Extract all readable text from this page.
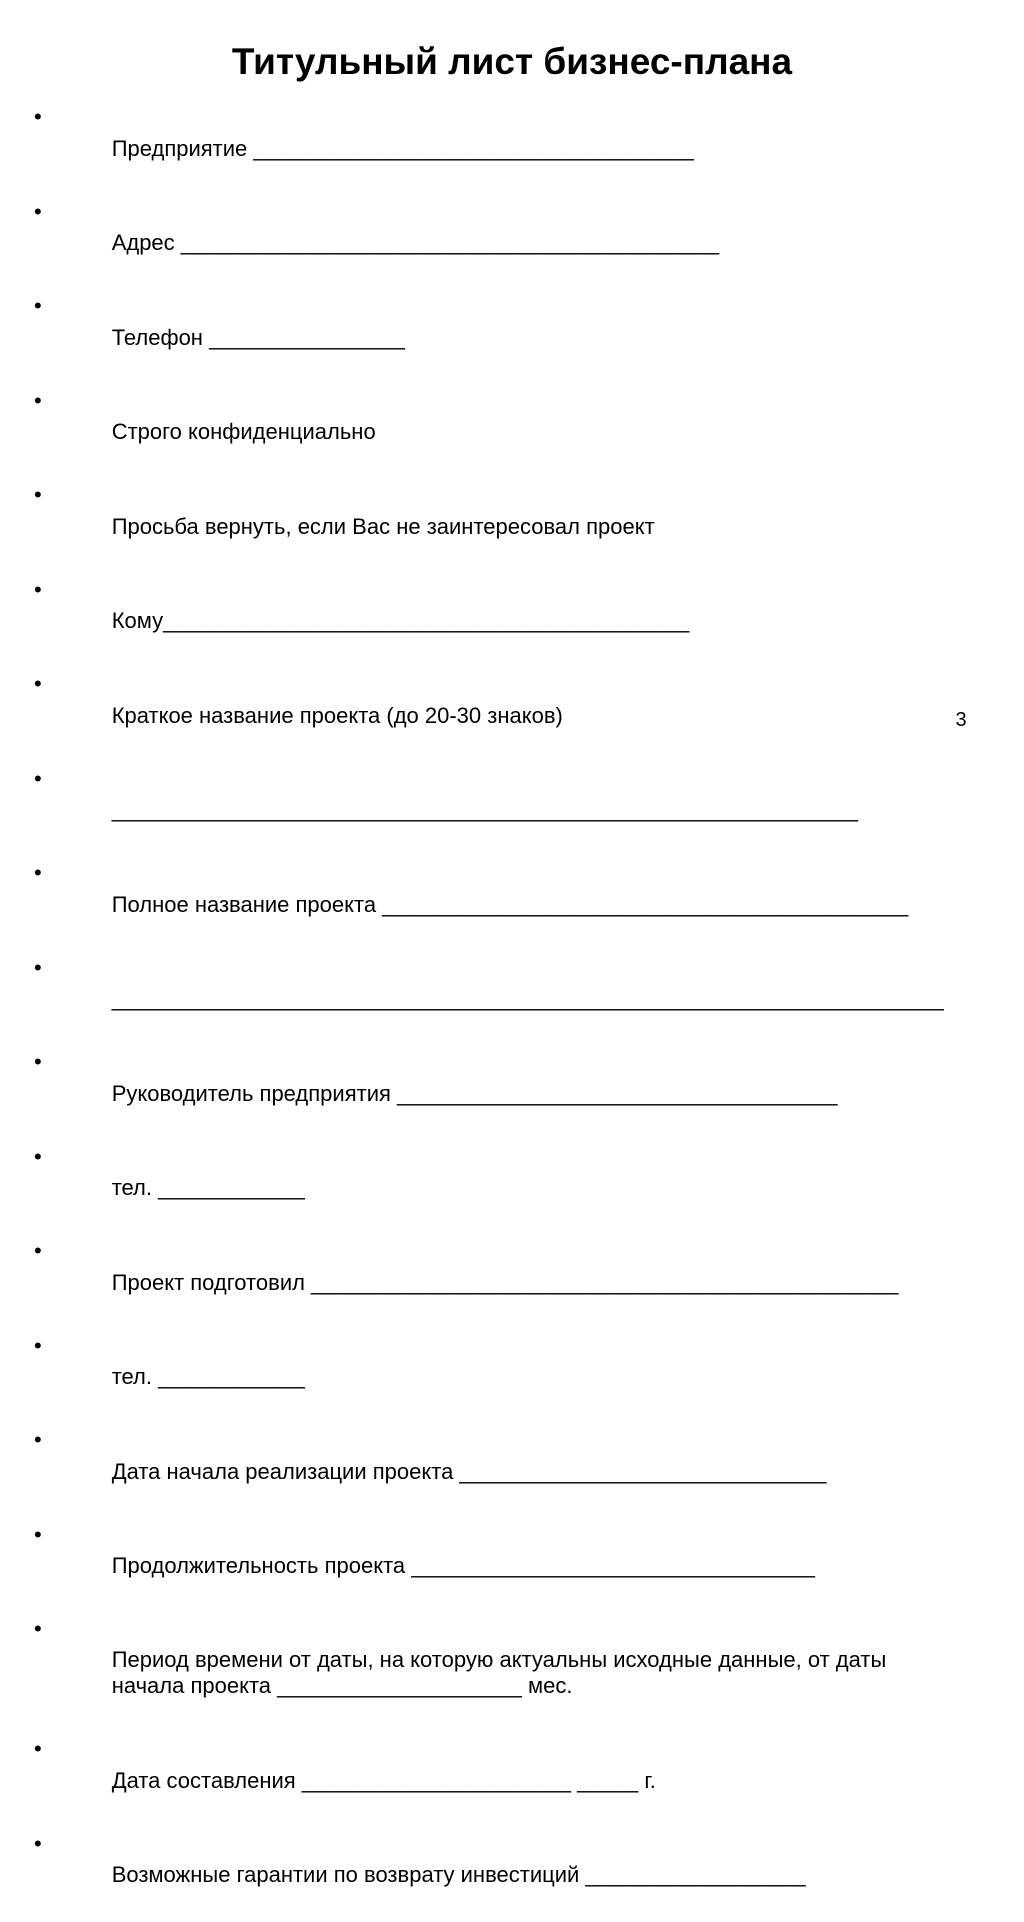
Титульный лист бизнес-плана

•
Предприятие ____________________________________

•
Адрес ____________________________________________

•
Телефон ________________

•
Строго конфиденциально

•
Просьба вернуть, если Вас не заинтересовал проект

•
Кому___________________________________________

•
Краткое название проекта (до 20-30 знаков)

•
_____________________________________________________________

•
Полное название проекта ___________________________________________

•
____________________________________________________________________

•
Руководитель предприятия ____________________________________

•
тел. ____________

•
Проект подготовил ________________________________________________

•
тел. ____________

•
Дата начала реализации проекта ______________________________

•
Продолжительность проекта _________________________________

•
Период времени от даты, на которую актуальны исходные данные, от даты
начала проекта ____________________ мес.

•
Дата составления ______________________ _____ г.

•
Возможные гарантии по возврату инвестиций __________________

3
